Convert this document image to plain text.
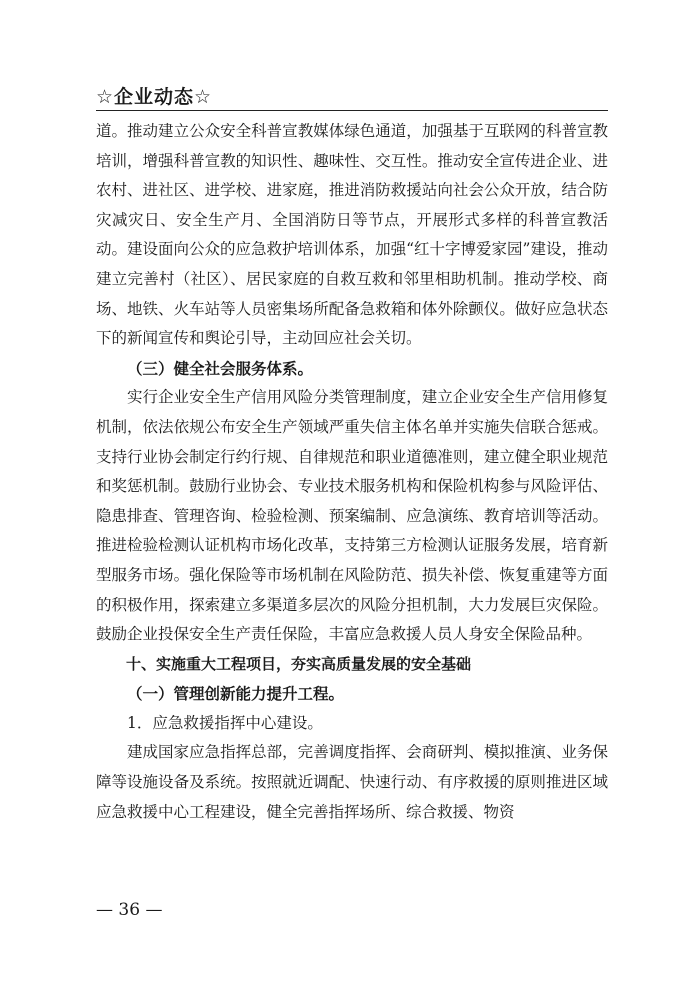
☆企业动态☆

道。推动建立公众安全科普宣教媒体绿色通道，加强基于互联网的科普宣教培训，增强科普宣教的知识性、趣味性、交互性。推动安全宣传进企业、进农村、进社区、进学校、进家庭，推进消防救援站向社会公众开放，结合防灾减灾日、安全生产月、全国消防日等节点，开展形式多样的科普宣教活动。建设面向公众的应急救护培训体系，加强“红十字博爱家园”建设，推动建立完善村（社区）、居民家庭的自救互救和邻里相助机制。推动学校、商场、地铁、火车站等人员密集场所配备急救箱和体外除颤仪。做好应急状态下的新闻宣传和舆论引导，主动回应社会关切。

（三）健全社会服务体系。

实行企业安全生产信用风险分类管理制度，建立企业安全生产信用修复机制，依法依规公布安全生产领域严重失信主体名单并实施失信联合惩戒。支持行业协会制定行约行规、自律规范和职业道德准则，建立健全职业规范和奖惩机制。鼓励行业协会、专业技术服务机构和保险机构参与风险评估、隐患排查、管理咨询、检验检测、预案编制、应急演练、教育培训等活动。推进检验检测认证机构市场化改革，支持第三方检测认证服务发展，培育新型服务市场。强化保险等市场机制在风险防范、损失补偿、恢复重建等方面的积极作用，探索建立多渠道多层次的风险分担机制，大力发展巨灾保险。鼓励企业投保安全生产责任保险，丰富应急救援人员人身安全保险品种。

十、实施重大工程项目，夯实高质量发展的安全基础

（一）管理创新能力提升工程。

1．应急救援指挥中心建设。

建成国家应急指挥总部，完善调度指挥、会商研判、模拟推演、业务保障等设施设备及系统。按照就近调配、快速行动、有序救援的原则推进区域应急救援中心工程建设，健全完善指挥场所、综合救援、物资

— 36 —
